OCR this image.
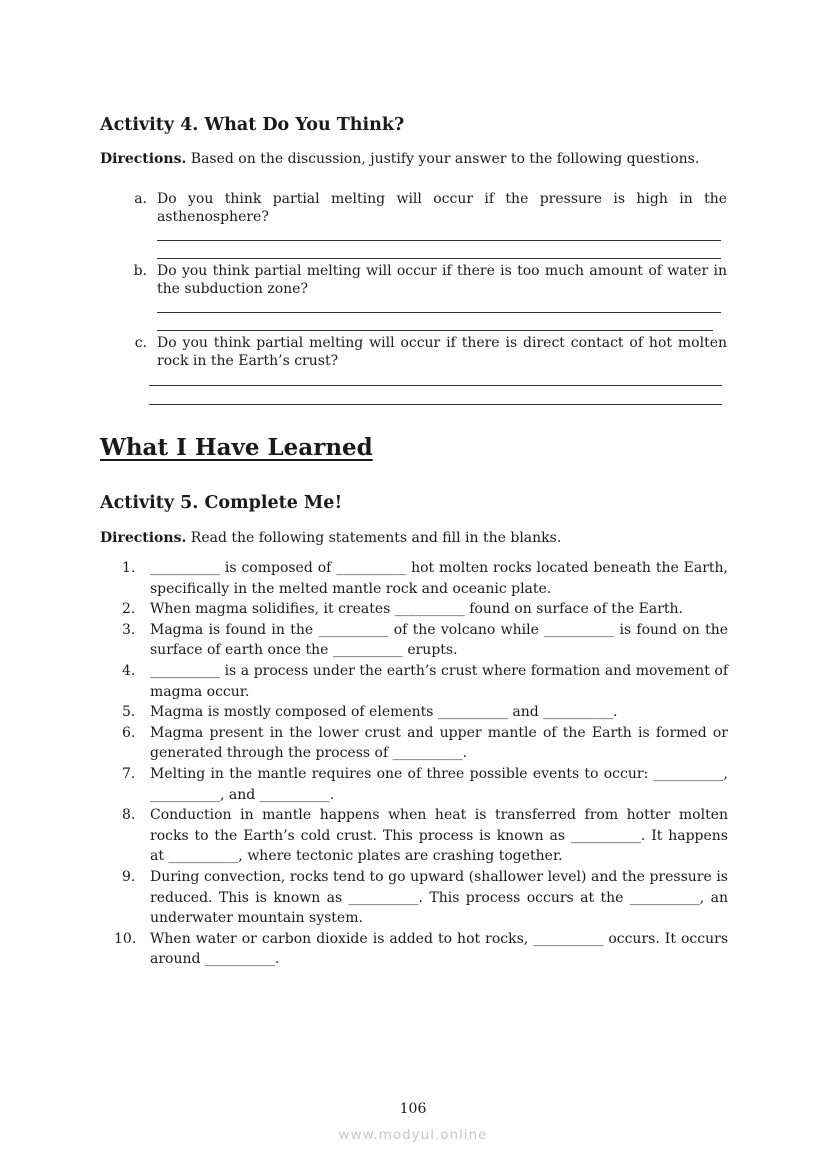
Activity 4. What Do You Think?
Directions. Based on the discussion, justify your answer to the following questions.
a. Do you think partial melting will occur if the pressure is high in the asthenosphere?
b. Do you think partial melting will occur if there is too much amount of water in the subduction zone?
c. Do you think partial melting will occur if there is direct contact of hot molten rock in the Earth’s crust?
What I Have Learned
Activity 5. Complete Me!
Directions. Read the following statements and fill in the blanks.
1.	__________ is composed of __________ hot molten rocks located beneath the Earth, specifically in the melted mantle rock and oceanic plate.
2.	When magma solidifies, it creates __________ found on surface of the Earth.
3.	Magma is found in the __________ of the volcano while __________ is found on the surface of earth once the __________ erupts.
4.	__________ is a process under the earth’s crust where formation and movement of magma occur.
5.	Magma is mostly composed of elements __________ and __________.
6.	Magma present in the lower crust and upper mantle of the Earth is formed or generated through the process of __________.
7.	Melting in the mantle requires one of three possible events to occur: __________, __________, and __________.
8.	Conduction in mantle happens when heat is transferred from hotter molten rocks to the Earth’s cold crust. This process is known as __________. It happens at __________, where tectonic plates are crashing together.
9.	During convection, rocks tend to go upward (shallower level) and the pressure is reduced. This is known as __________. This process occurs at the __________, an underwater mountain system.
10. When water or carbon dioxide is added to hot rocks, __________ occurs. It occurs around __________.
106
www.modyul.online
